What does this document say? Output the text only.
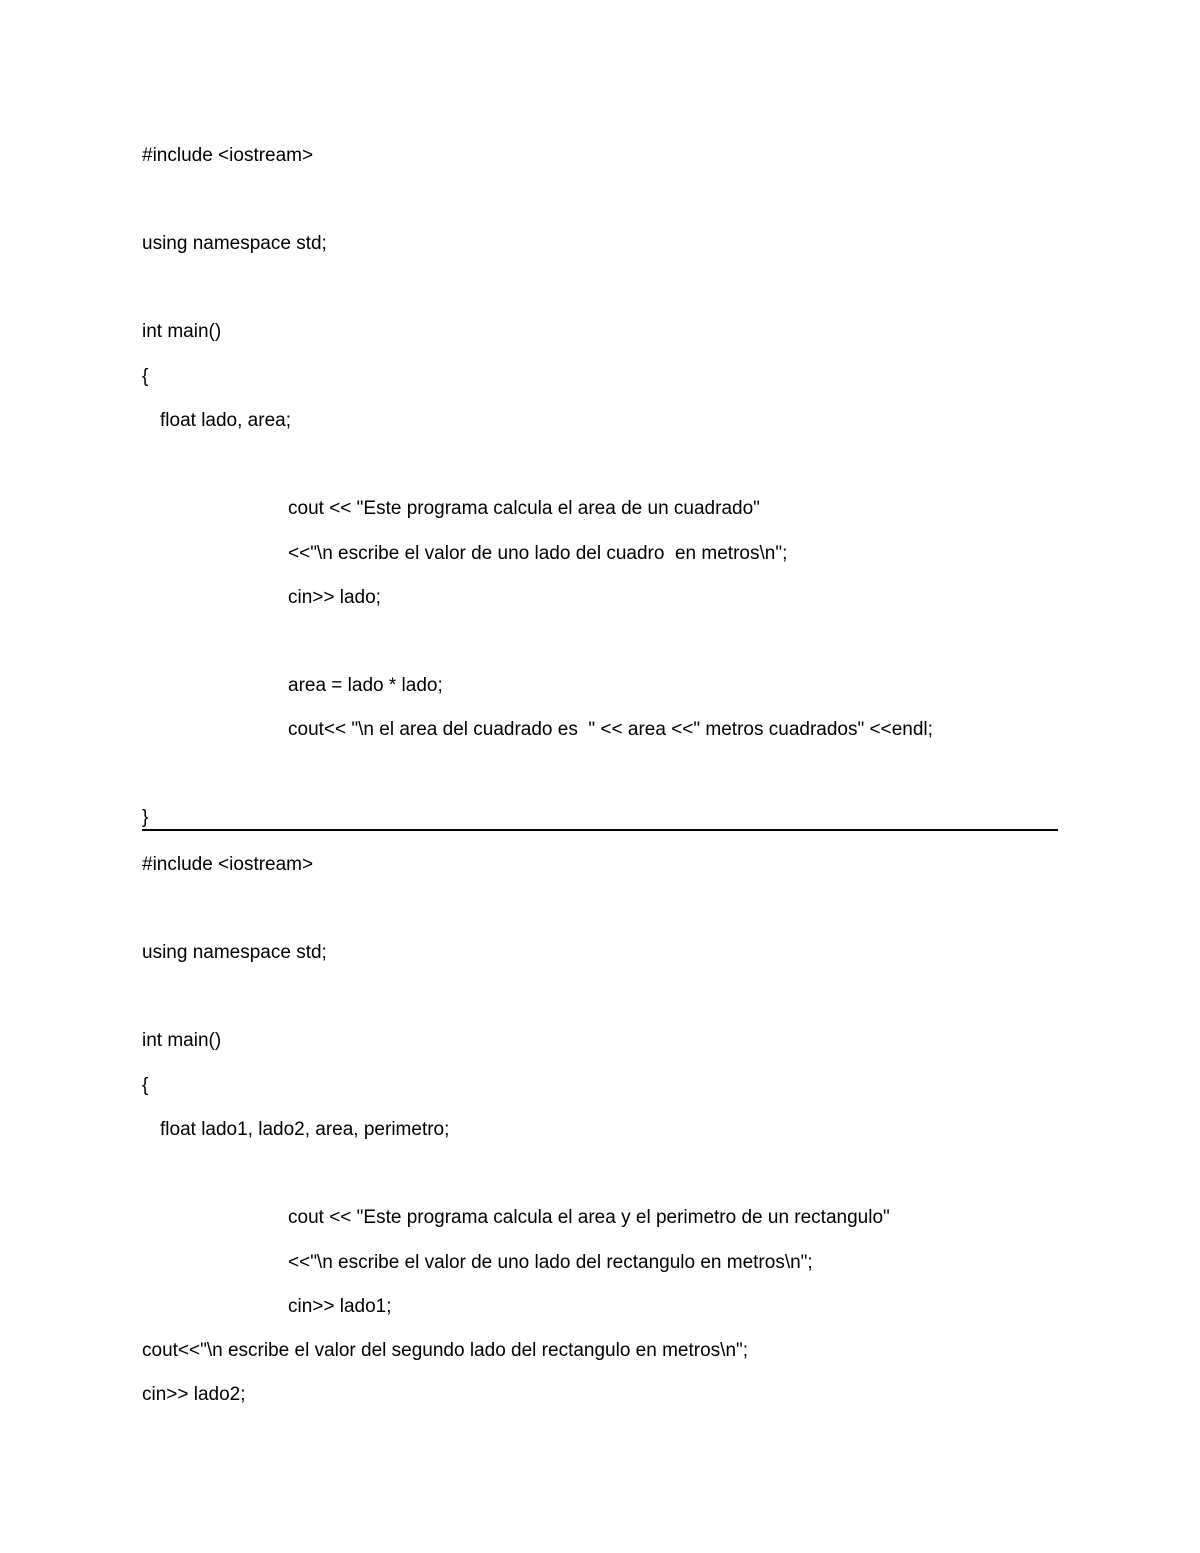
#include <iostream>
using namespace std;
int main()
{
float lado, area;
cout << "Este programa calcula el area de un cuadrado"
<<"\n escribe el valor de uno lado del cuadro  en metros\n";
cin>> lado;
area = lado * lado;
cout<< "\n el area del cuadrado es  " << area <<" metros cuadrados" <<endl;
}
#include <iostream>
using namespace std;
int main()
{
float lado1, lado2, area, perimetro;
cout << "Este programa calcula el area y el perimetro de un rectangulo"
<<"\n escribe el valor de uno lado del rectangulo en metros\n";
cin>> lado1;
cout<<"\n escribe el valor del segundo lado del rectangulo en metros\n";
cin>> lado2;
